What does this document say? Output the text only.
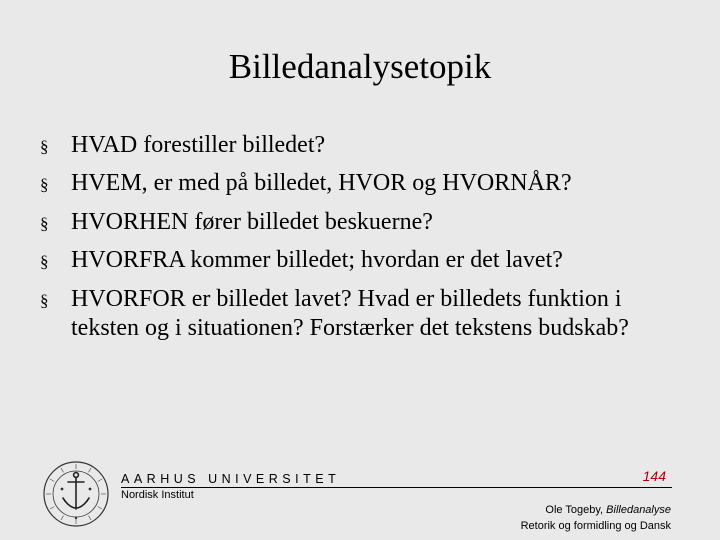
Billedanalysetopik
§ HVAD forestiller billedet?
§ HVEM, er med på billedet, HVOR og HVORNÅR?
§ HVORHEN fører billedet beskuerne?
§ HVORFRA kommer billedet; hvordan er det lavet?
§ HVORFOR er billedet lavet? Hvad er billedets funktion i teksten og i situationen? Forstærker det tekstens budskab?
AARHUS UNIVERSITET
Nordisk Institut
144
Ole Togeby, Billedanalyse
Retorik og formidling og Dansk
